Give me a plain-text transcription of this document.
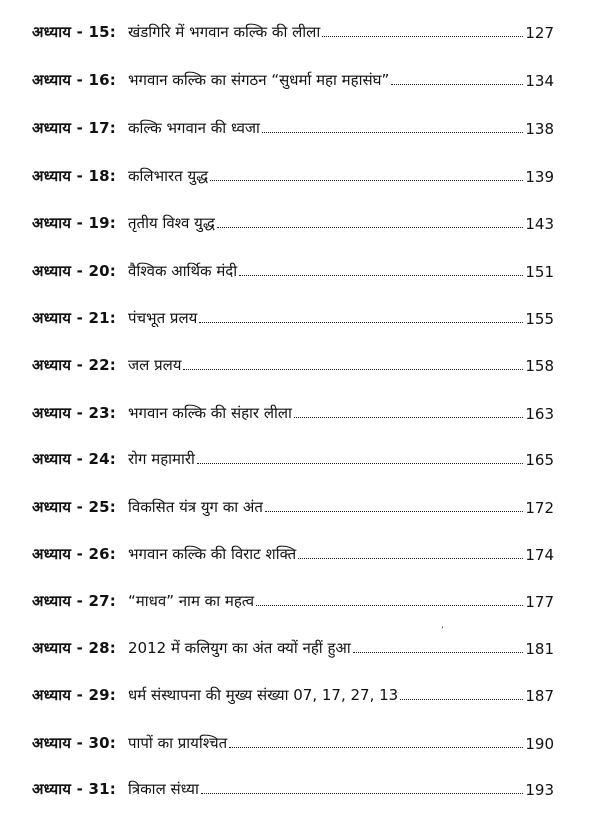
अध्याय - 15: खंडगिरि में भगवान कल्कि की लीला	127
अध्याय - 16: भगवान कल्कि का संगठन “सुधर्मा महा महासंघ”	134
अध्याय - 17: कल्कि भगवान की ध्वजा	138
अध्याय - 18: कलिभारत युद्ध	139
अध्याय - 19: तृतीय विश्व युद्ध	143
अध्याय - 20: वैश्विक आर्थिक मंदी	151
अध्याय - 21: पंचभूत प्रलय	155
अध्याय - 22: जल प्रलय	158
अध्याय - 23: भगवान कल्कि की संहार लीला	163
अध्याय - 24: रोग महामारी	165
अध्याय - 25: विकसित यंत्र युग का अंत	172
अध्याय - 26: भगवान कल्कि की विराट शक्ति	174
अध्याय - 27: “माधव” नाम का महत्व	177
अध्याय - 28: 2012 में कलियुग का अंत क्यों नहीं हुआ	181
अध्याय - 29: धर्म संस्थापना की मुख्य संख्या 07, 17, 27, 13	187
अध्याय - 30: पापों का प्रायश्चित	190
अध्याय - 31: त्रिकाल संध्या	193
’
